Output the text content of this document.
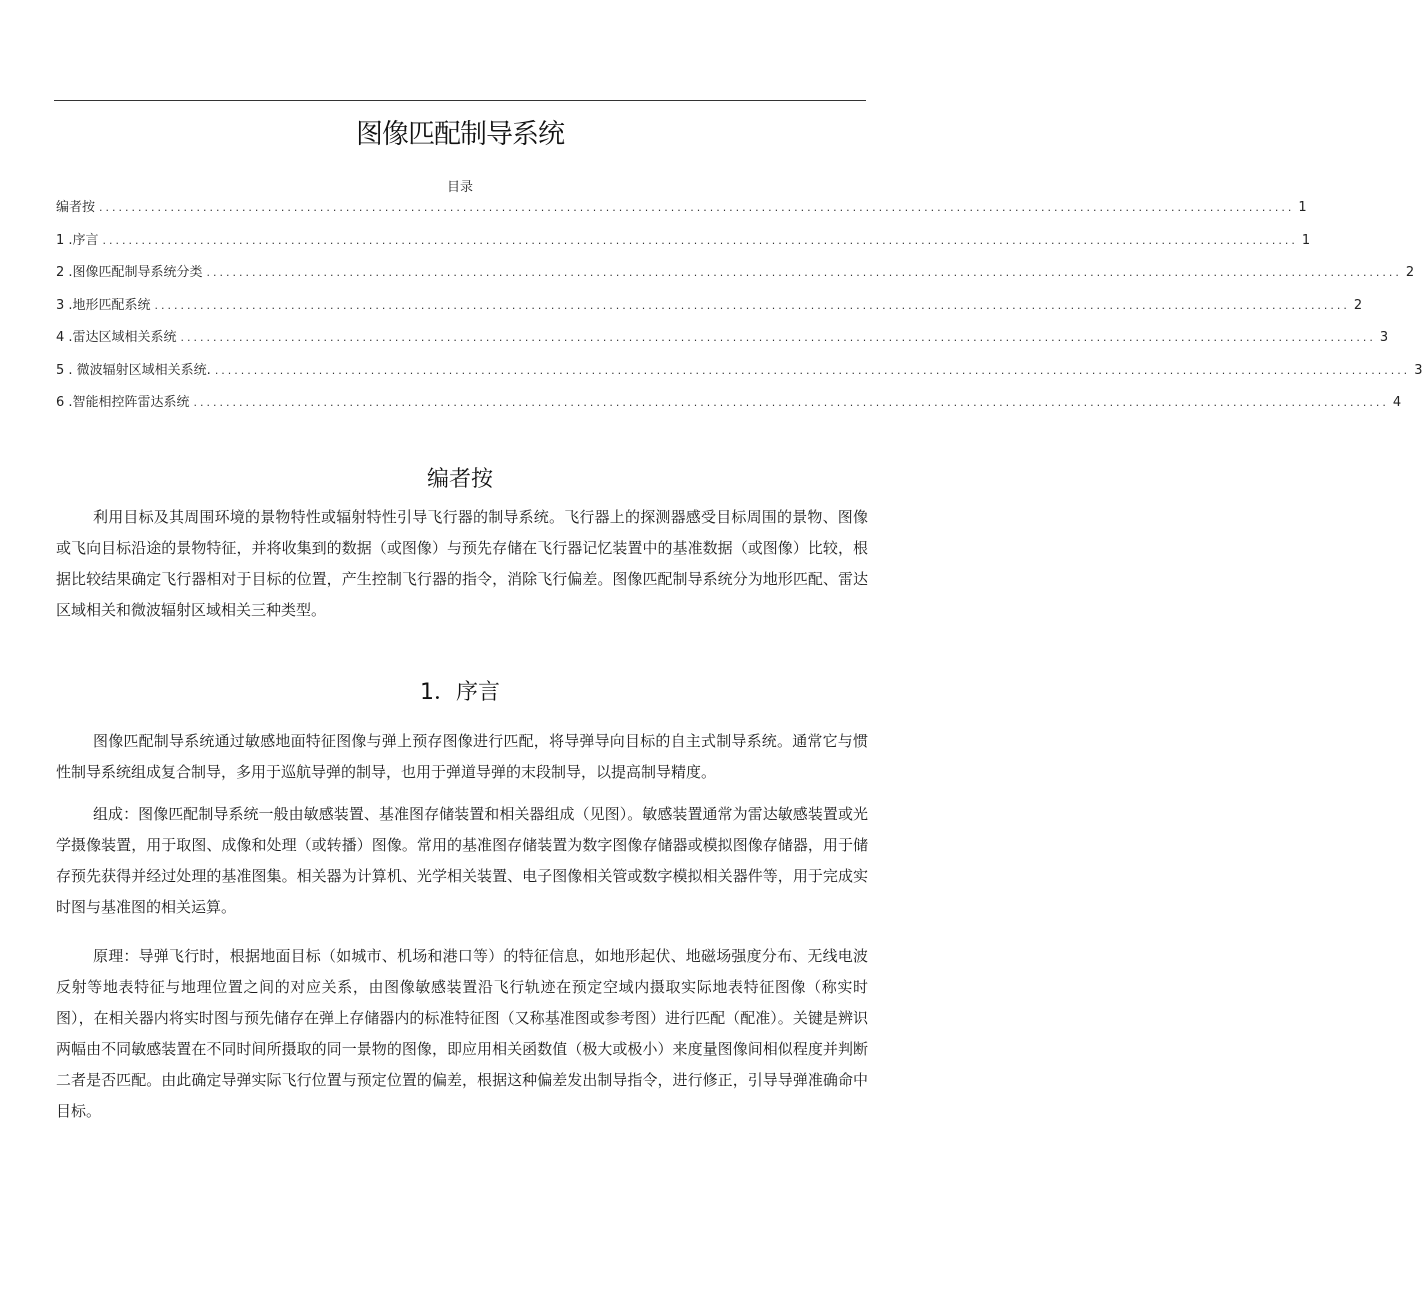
图像匹配制导系统
目录
编者按 ........................................................................................................................................................................................ 1
1 .序言 ........................................................................................................................................................................................ 1
2 .图像匹配制导系统分类 ........................................................................................................................................................................................ 2
3 .地形匹配系统 ........................................................................................................................................................................................ 2
4 .雷达区域相关系统 ........................................................................................................................................................................................ 3
5 . 微波辐射区域相关系统. ........................................................................................................................................................................................ 3
6 .智能相控阵雷达系统 ........................................................................................................................................................................................ 4
编者按

利用目标及其周围环境的景物特性或辐射特性引导飞行器的制导系统。飞行器上的探测器感受目标周围的景物、图像或飞向目标沿途的景物特征，并将收集到的数据（或图像）与预先存储在飞行器记忆装置中的基准数据（或图像）比较，根据比较结果确定飞行器相对于目标的位置，产生控制飞行器的指令，消除飞行偏差。图像匹配制导系统分为地形匹配、雷达区域相关和微波辐射区域相关三种类型。

1．序言

图像匹配制导系统通过敏感地面特征图像与弹上预存图像进行匹配，将导弹导向目标的自主式制导系统。通常它与惯性制导系统组成复合制导，多用于巡航导弹的制导，也用于弹道导弹的末段制导，以提高制导精度。

组成：图像匹配制导系统一般由敏感装置、基准图存储装置和相关器组成（见图）。敏感装置通常为雷达敏感装置或光学摄像装置，用于取图、成像和处理（或转播）图像。常用的基准图存储装置为数字图像存储器或模拟图像存储器，用于储存预先获得并经过处理的基准图集。相关器为计算机、光学相关装置、电子图像相关管或数字模拟相关器件等，用于完成实时图与基准图的相关运算。

原理：导弹飞行时，根据地面目标（如城市、机场和港口等）的特征信息，如地形起伏、地磁场强度分布、无线电波反射等地表特征与地理位置之间的对应关系，由图像敏感装置沿飞行轨迹在预定空域内摄取实际地表特征图像（称实时图），在相关器内将实时图与预先储存在弹上存储器内的标准特征图（又称基准图或参考图）进行匹配（配准）。关键是辨识两幅由不同敏感装置在不同时间所摄取的同一景物的图像，即应用相关函数值（极大或极小）来度量图像间相似程度并判断二者是否匹配。由此确定导弹实际飞行位置与预定位置的偏差，根据这种偏差发出制导指令，进行修正，引导导弹准确命中目标。
